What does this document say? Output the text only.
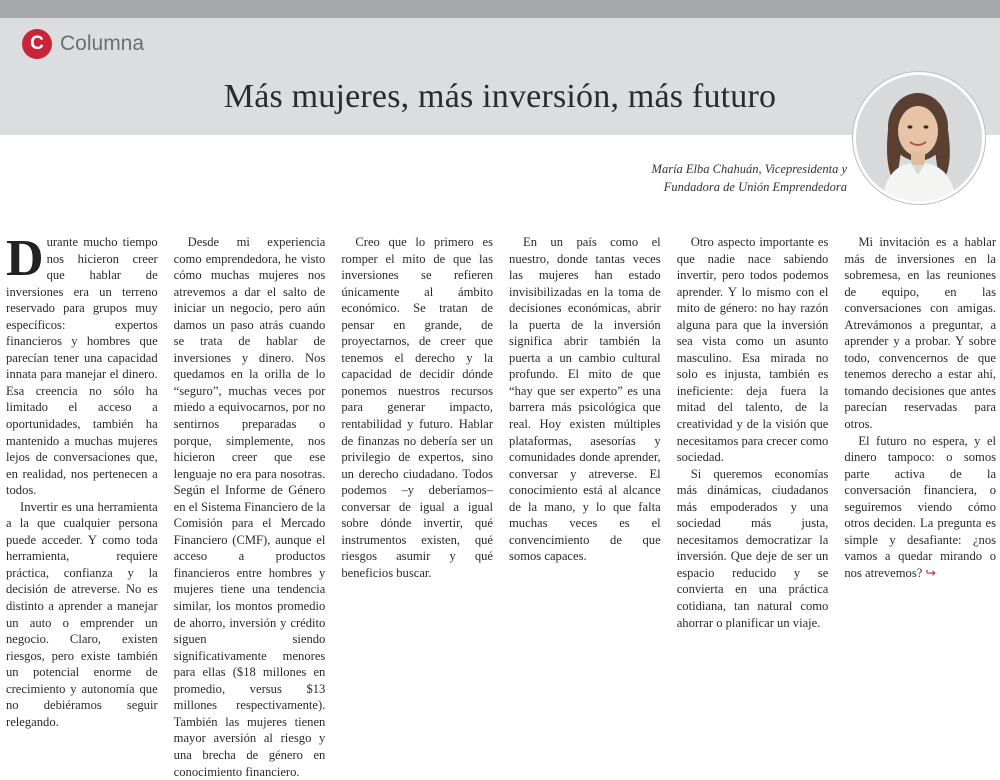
C Columna
Más mujeres, más inversión, más futuro
María Elba Chahuán, Vicepresidenta y
Fundadora de Unión Emprendedora

Durante mucho tiempo nos hicieron creer que hablar de inversiones era un terreno reservado para grupos muy específicos: expertos financieros y hombres que parecían tener una capacidad innata para manejar el dinero. Esa creencia no sólo ha limitado el acceso a oportunidades, también ha mantenido a muchas mujeres lejos de conversaciones que, en realidad, nos pertenecen a todos.

Invertir es una herramienta a la que cualquier persona puede acceder. Y como toda herramienta, requiere práctica, confianza y la decisión de atreverse. No es distinto a aprender a manejar un auto o emprender un negocio. Claro, existen riesgos, pero existe también un potencial enorme de crecimiento y autonomía que no debiéramos seguir relegando.

Desde mi experiencia como emprendedora, he visto cómo muchas mujeres nos atrevemos a dar el salto de iniciar un negocio, pero aún damos un paso atrás cuando se trata de hablar de inversiones y dinero. Nos quedamos en la orilla de lo “seguro”, muchas veces por miedo a equivocarnos, por no sentirnos preparadas o porque, simplemente, nos hicieron creer que ese lenguaje no era para nosotras. Según el Informe de Género en el Sistema Financiero de la Comisión para el Mercado Financiero (CMF), aunque el acceso a productos financieros entre hombres y mujeres tiene una tendencia similar, los montos promedio de ahorro, inversión y crédito siguen siendo significativamente menores para ellas ($18 millones en promedio, versus $13 millones respectivamente). También las mujeres tienen mayor aversión al riesgo y una brecha de género en conocimiento financiero.

Creo que lo primero es romper el mito de que las inversiones se refieren únicamente al ámbito económico. Se tratan de pensar en grande, de proyectarnos, de creer que tenemos el derecho y la capacidad de decidir dónde ponemos nuestros recursos para generar impacto, rentabilidad y futuro. Hablar de finanzas no debería ser un privilegio de expertos, sino un derecho ciudadano. Todos podemos –y deberíamos– conversar de igual a igual sobre dónde invertir, qué instrumentos existen, qué riesgos asumir y qué beneficios buscar.

En un país como el nuestro, donde tantas veces las mujeres han estado invisibilizadas en la toma de decisiones económicas, abrir la puerta de la inversión significa abrir también la puerta a un cambio cultural profundo. El mito de que “hay que ser experto” es una barrera más psicológica que real. Hoy existen múltiples plataformas, asesorías y comunidades donde aprender, conversar y atreverse. El conocimiento está al alcance de la mano, y lo que falta muchas veces es el convencimiento de que somos capaces.

Otro aspecto importante es que nadie nace sabiendo invertir, pero todos podemos aprender. Y lo mismo con el mito de género: no hay razón alguna para que la inversión sea vista como un asunto masculino. Esa mirada no solo es injusta, también es ineficiente: deja fuera la mitad del talento, de la creatividad y de la visión que necesitamos para crecer como sociedad.

Si queremos economías más dinámicas, ciudadanos más empoderados y una sociedad más justa, necesitamos democratizar la inversión. Que deje de ser un espacio reducido y se convierta en una práctica cotidiana, tan natural como ahorrar o planificar un viaje.

Mi invitación es a hablar más de inversiones en la sobremesa, en las reuniones de equipo, en las conversaciones con amigas. Atrevámonos a preguntar, a aprender y a probar. Y sobre todo, convencernos de que tenemos derecho a estar ahí, tomando decisiones que antes parecían reservadas para otros.

El futuro no espera, y el dinero tampoco: o somos parte activa de la conversación financiera, o seguiremos viendo cómo otros deciden. La pregunta es simple y desafiante: ¿nos vamos a quedar mirando o nos atrevemos? ↪
